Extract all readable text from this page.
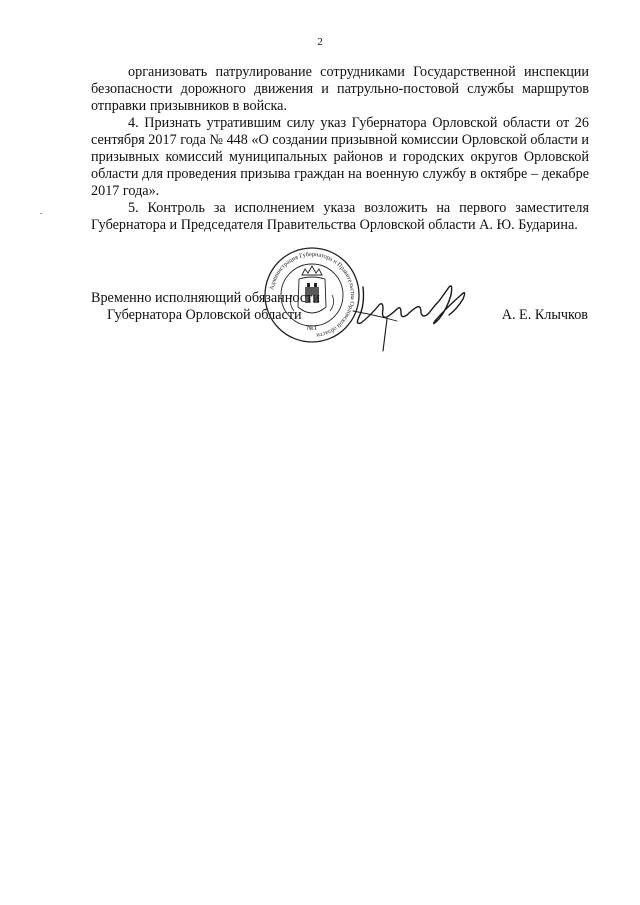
2

организовать патрулирование сотрудниками Государственной инспекции безопасности дорожного движения и патрульно-постовой службы маршрутов отправки призывников в войска.

4. Признать утратившим силу указ Губернатора Орловской области от 26 сентября 2017 года № 448 «О создании призывной комиссии Орловской области и призывных комиссий муниципальных районов и городских округов Орловской области для проведения призыва граждан на военную службу в октябре – декабре 2017 года».

5. Контроль за исполнением указа возложить на первого заместителя Губернатора и Председателя Правительства Орловской области А. Ю. Бударина.

Администрация Губернатора и Правительства Орловской области
№1
Временно исполняющий обязанности
Губернатора Орловской области	А. Е. Клычков
